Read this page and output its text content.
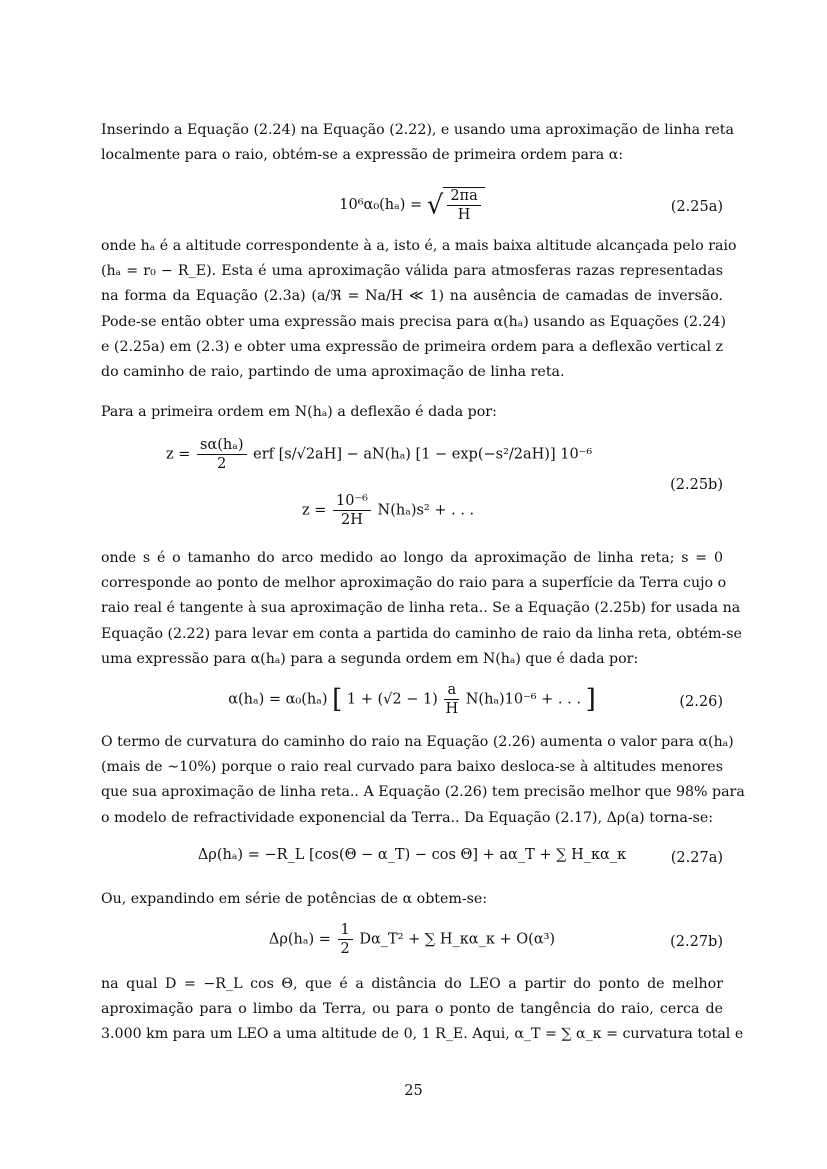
Inserindo a Equação (2.24) na Equação (2.22), e usando uma aproximação de linha reta
localmente para o raio, obtém-se a expressão de primeira ordem para α:

10⁶α₀(hₐ) = √ $\frac{2\pi a}{H}$	(2.25a)

onde hₐ é a altitude correspondente à a, isto é, a mais baixa altitude alcançada pelo raio
(hₐ = r₀ − R_E). Esta é uma aproximação válida para atmosferas razas representadas
na forma da Equação (2.3a) (a/ℜ = Na/H ≪ 1) na ausência de camadas de inversão.
Pode-se então obter uma expressão mais precisa para α(hₐ) usando as Equações (2.24)
e (2.25a) em (2.3) e obter uma expressão de primeira ordem para a deflexão vertical z
do caminho de raio, partindo de uma aproximação de linha reta.

Para a primeira ordem em N(hₐ) a deflexão é dada por:

$z = \frac{\text{sα(hₐ)}}{2}$ erf [s/√2aH] − aN(hₐ) [1 − exp(−s²/2aH)] 10⁻⁶
$z = \frac{\text{10⁻⁶}}{2H} N(h_a)s^2$ + . . .
(2.25b)

onde s é o tamanho do arco medido ao longo da aproximação de linha reta; s = 0
corresponde ao ponto de melhor aproximação do raio para a superfície da Terra cujo o
raio real é tangente à sua aproximação de linha reta.. Se a Equação (2.25b) for usada na
Equação (2.22) para levar em conta a partida do caminho de raio da linha reta, obtém-se
uma expressão para α(hₐ) para a segunda ordem em N(hₐ) que é dada por:

α(hₐ) = α₀(hₐ) [ $1 + (√2 - 1) \frac{a}{H} N(h_a)10^{-6}$ + . . . ]	(2.26)

O termo de curvatura do caminho do raio na Equação (2.26) aumenta o valor para α(hₐ)
(mais de ∼10%) porque o raio real curvado para baixo desloca-se à altitudes menores
que sua aproximação de linha reta.. A Equação (2.26) tem precisão melhor que 98% para
o modelo de refractividade exponencial da Terra.. Da Equação (2.17), Δρ(a) torna-se:

Δρ(hₐ) = −R_L [cos(Θ − α_T) − cos Θ] + aα_T + ∑ H_κα_κ	(2.27a)

Ou, expandindo em série de potências de α obtem-se:

$\Delta\rho(h_a) = \frac{1}{2}$ Dα_T² + ∑ H_κα_κ + O(α³)	(2.27b)

na qual D = −R_L cos Θ, que é a distância do LEO a partir do ponto de melhor
aproximação para o limbo da Terra, ou para o ponto de tangência do raio, cerca de
3.000 km para um LEO a uma altitude de 0, 1 R_E. Aqui, α_T = ∑ α_κ = curvatura total e

25
